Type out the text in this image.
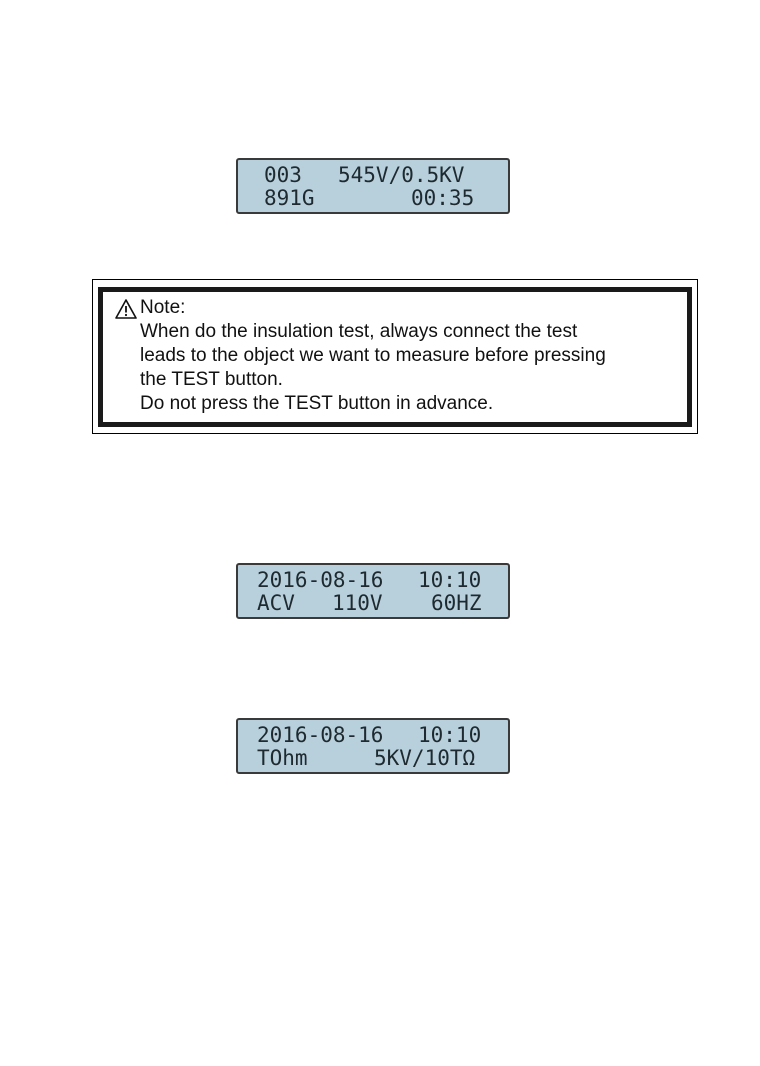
003

545V/0.5KV

891G

	00:35

Note:
When do the insulation test, always connect the test
leads to the object we want to measure before pressing
the TEST button.
Do not press the TEST button in advance.

2016-08-16

10:10

ACV

110V

60HZ

2016-08-16

10:10

TOhm

	5KV/10TΩ
